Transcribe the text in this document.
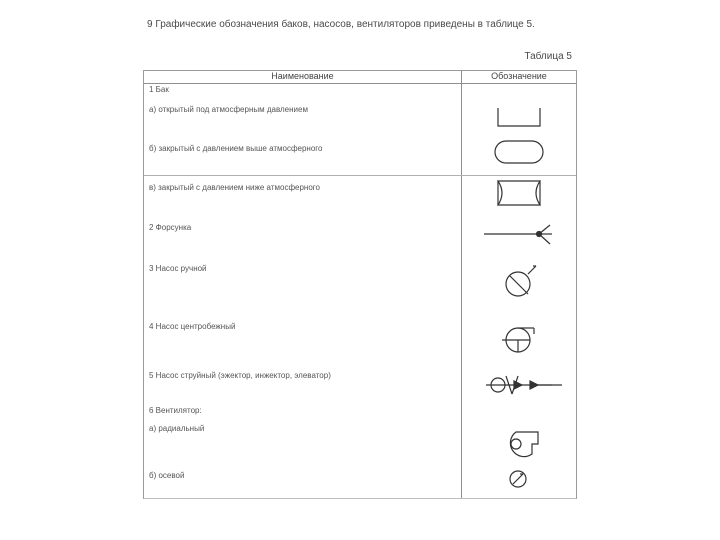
9 Графические обозначения баков, насосов, вентиляторов приведены в таблице 5.
Таблица 5
Наименование	Обозначение
1 Бак
а) открытый под атмосферным давлением
б) закрытый с давлением выше атмосферного
в) закрытый с давлением ниже атмосферного
2 Форсунка
3 Насос ручной
4 Насос центробежный
5 Насос струйный (эжектор, инжектор, элеватор)
6 Вентилятор:
а) радиальный
б) осевой
